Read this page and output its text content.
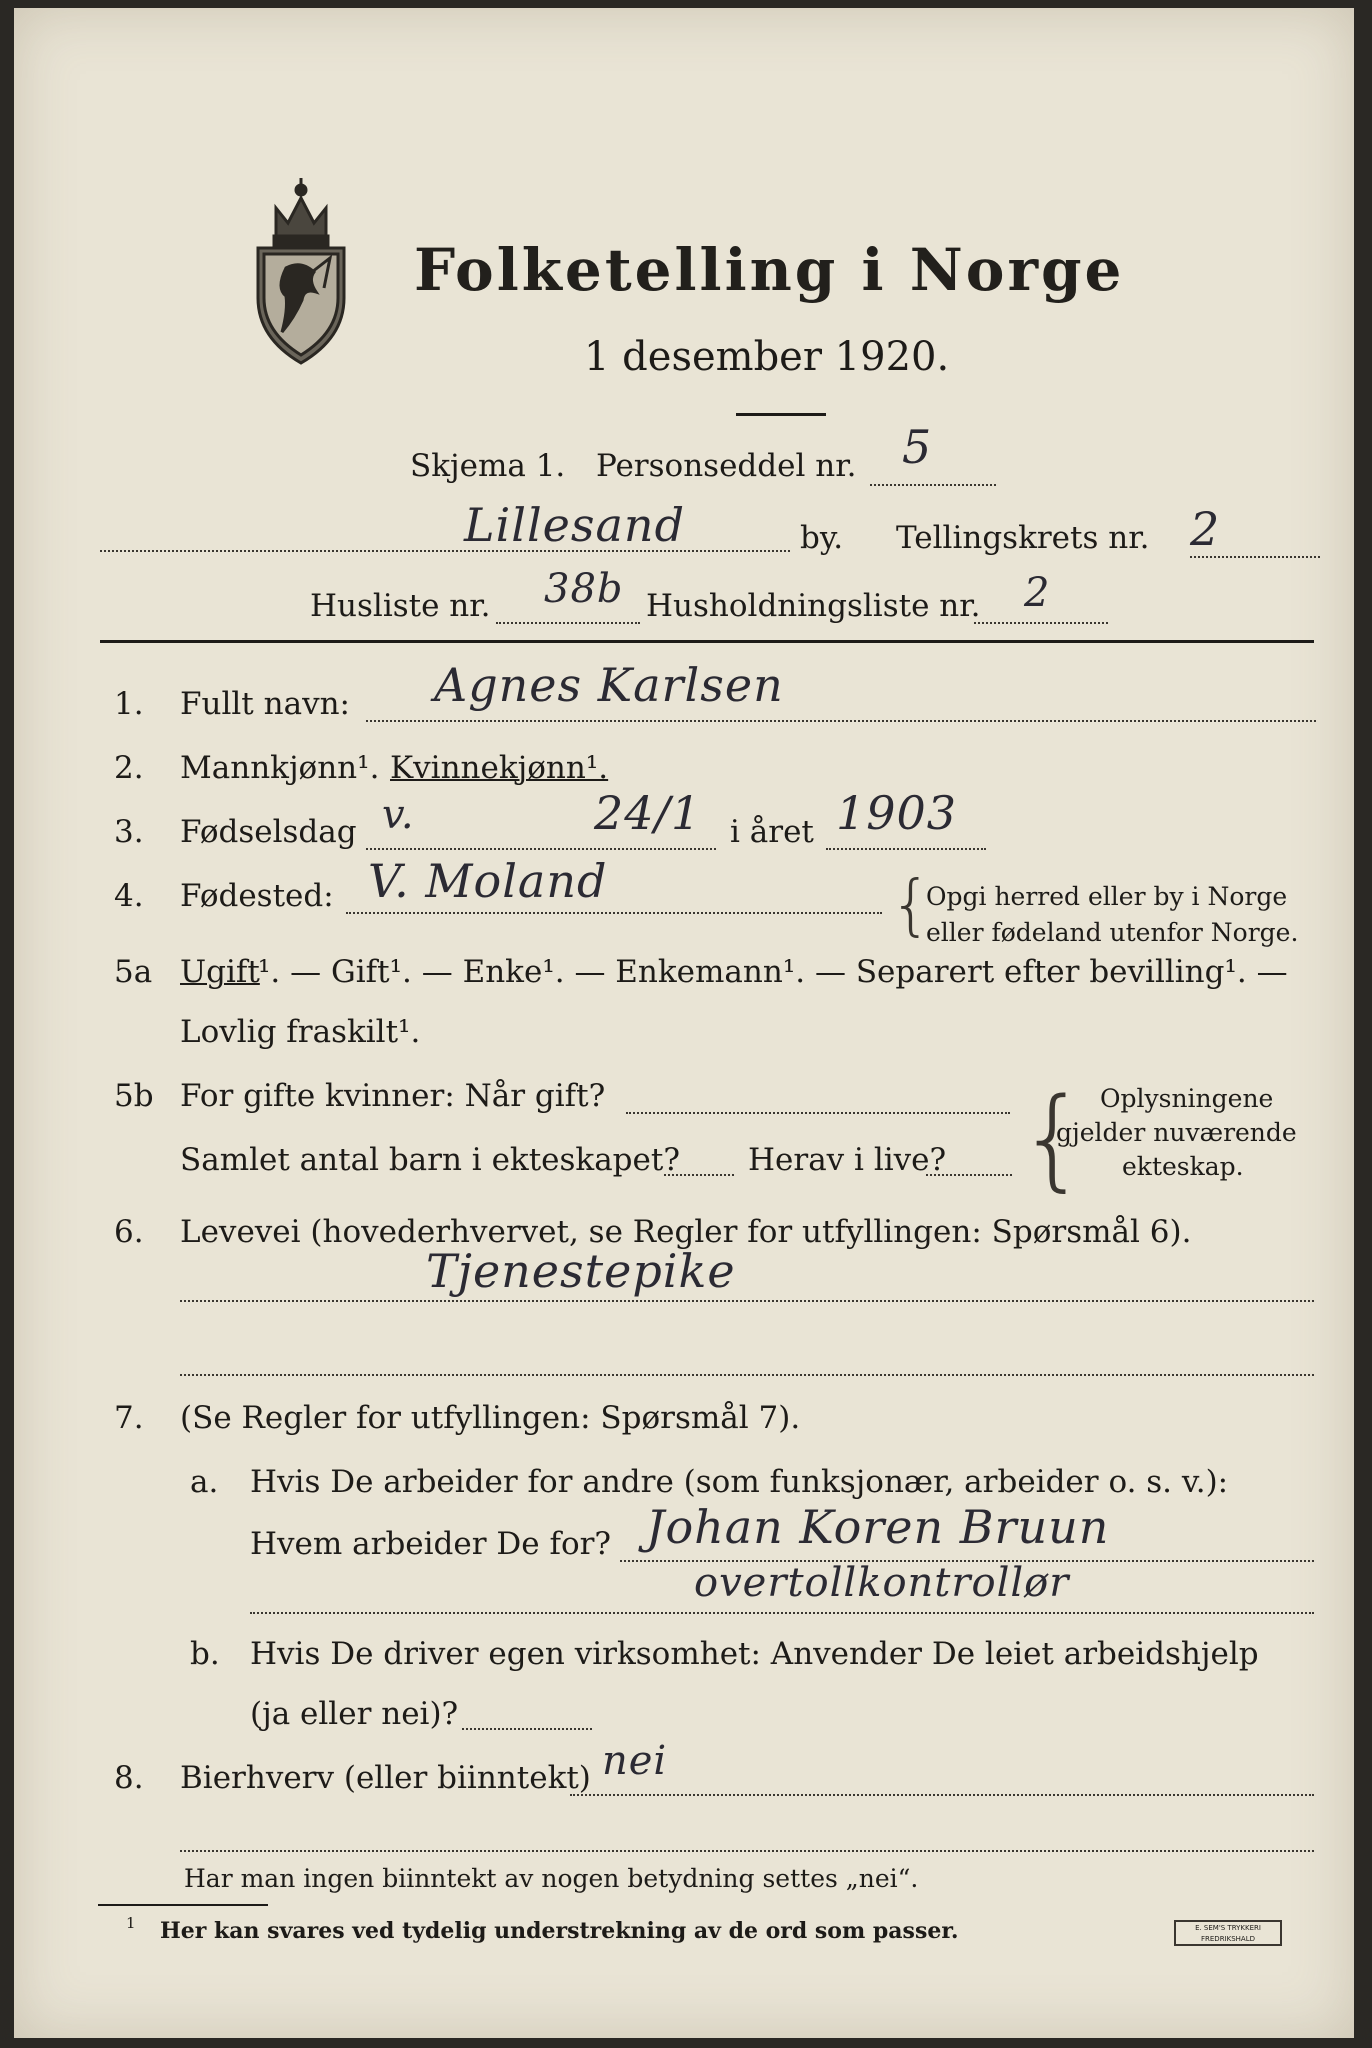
Folketelling i Norge
1 desember 1920.
Skjema 1. Personseddel nr. 5
Lillesand	by. Tellingskrets nr. 2
Husliste nr. 38b Husholdningsliste nr. 2
1. Fullt navn: Agnes Karlsen
2. Mannkjønn¹. Kvinnekjønn¹.
3. Fødselsdag v.	24/1 i året 1903
4. Fødested: V. Moland	{
Opgi herred eller by i Norge
eller fødeland utenfor Norge.
5a Ugift
¹. — Gift¹. — Enke¹. — Enkemann¹. — Separert efter bevilling¹. —
Lovlig fraskilt¹.
5b For gifte kvinner: Når gift?
Samlet antal barn i ekteskapet? Herav i live? { Oplysningene
gjelder nuværende
ekteskap.
6. Levevei (hovederhvervet, se Regler for utfyllingen: Spørsmål 6).
Tjenestepike
7. (Se Regler for utfyllingen: Spørsmål 7).
a. Hvis De arbeider for andre (som funksjonær, arbeider o. s. v.):
Hvem arbeider De for? Johan Koren Bruun
overtollkontrollør
b. Hvis De driver egen virksomhet: Anvender De leiet arbeidshjelp
(ja eller nei)?
8. Bierhverv (eller biinntekt) nei
Har man ingen biinntekt av nogen betydning settes „nei“.
1 Her kan svares ved tydelig understrekning av de ord som passer.	E. SEM'S TRYKKERI
FREDRIKSHALD
